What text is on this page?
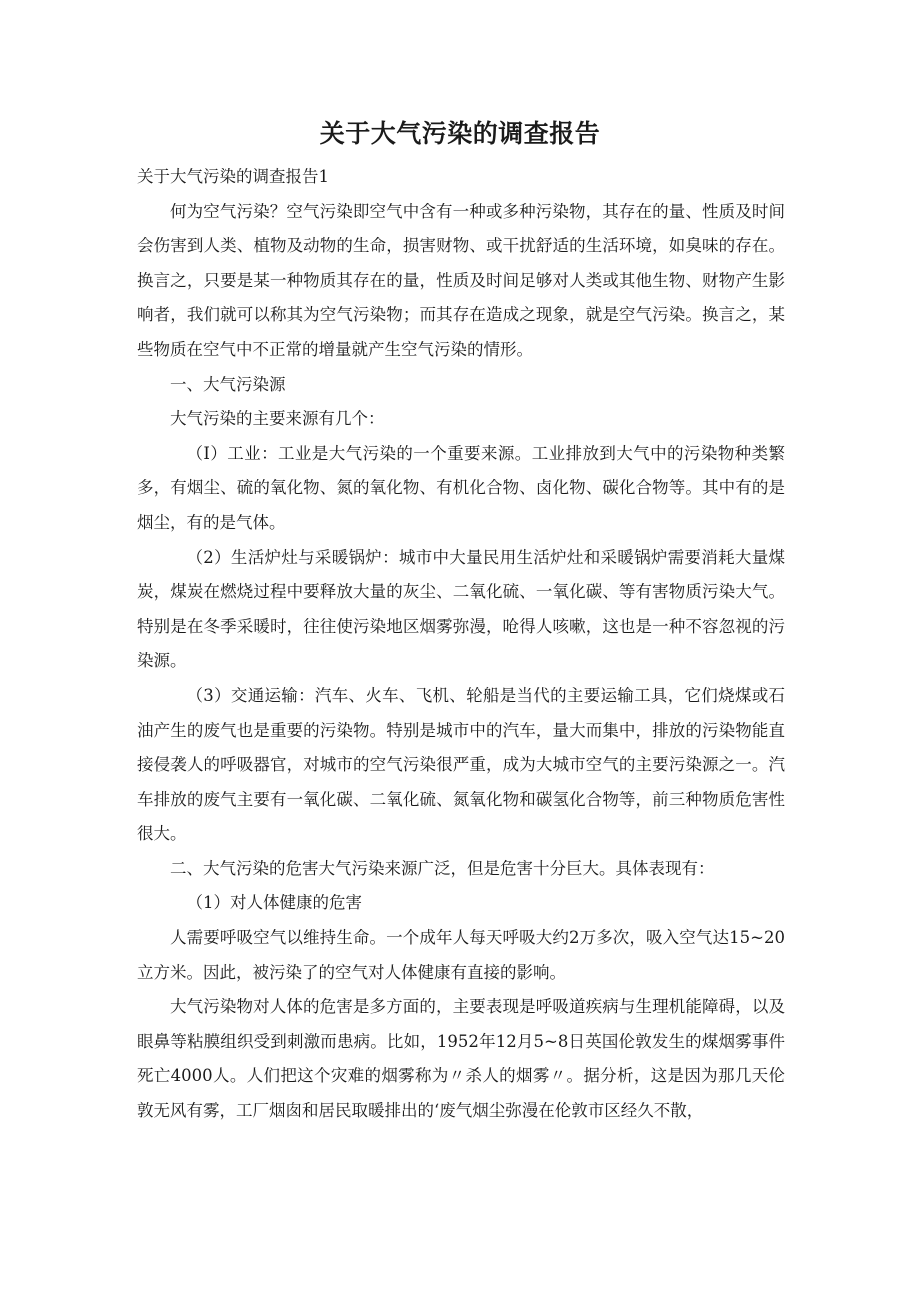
关于大气污染的调查报告

关于大气污染的调查报告1

何为空气污染？空气污染即空气中含有一种或多种污染物，其存在的量、性质及时间会伤害到人类、植物及动物的生命，损害财物、或干扰舒适的生活环境，如臭味的存在。换言之，只要是某一种物质其存在的量，性质及时间足够对人类或其他生物、财物产生影响者，我们就可以称其为空气污染物；而其存在造成之现象，就是空气污染。换言之，某些物质在空气中不正常的增量就产生空气污染的情形。

一、大气污染源

大气污染的主要来源有几个：

（I）工业：工业是大气污染的一个重要来源。工业排放到大气中的污染物种类繁多，有烟尘、硫的氧化物、氮的氧化物、有机化合物、卤化物、碳化合物等。其中有的是烟尘，有的是气体。

（2）生活炉灶与采暖锅炉：城市中大量民用生活炉灶和采暖锅炉需要消耗大量煤炭，煤炭在燃烧过程中要释放大量的灰尘、二氧化硫、一氧化碳、等有害物质污染大气。特别是在冬季采暖时，往往使污染地区烟雾弥漫，呛得人咳嗽，这也是一种不容忽视的污染源。

（3）交通运输：汽车、火车、飞机、轮船是当代的主要运输工具，它们烧煤或石油产生的废气也是重要的污染物。特别是城市中的汽车，量大而集中，排放的污染物能直接侵袭人的呼吸器官，对城市的空气污染很严重，成为大城市空气的主要污染源之一。汽车排放的废气主要有一氧化碳、二氧化硫、氮氧化物和碳氢化合物等，前三种物质危害性很大。

二、大气污染的危害大气污染来源广泛，但是危害十分巨大。具体表现有：

（1）对人体健康的危害

人需要呼吸空气以维持生命。一个成年人每天呼吸大约2万多次，吸入空气达15~20立方米。因此，被污染了的空气对人体健康有直接的影响。

大气污染物对人体的危害是多方面的，主要表现是呼吸道疾病与生理机能障碍，以及眼鼻等粘膜组织受到刺激而患病。比如，1952年12月5~8日英国伦敦发生的煤烟雾事件死亡4000人。人们把这个灾难的烟雾称为〃杀人的烟雾〃。据分析，这是因为那几天伦敦无风有雾，工厂烟囱和居民取暖排出的‘废气烟尘弥漫在伦敦市区经久不散，
